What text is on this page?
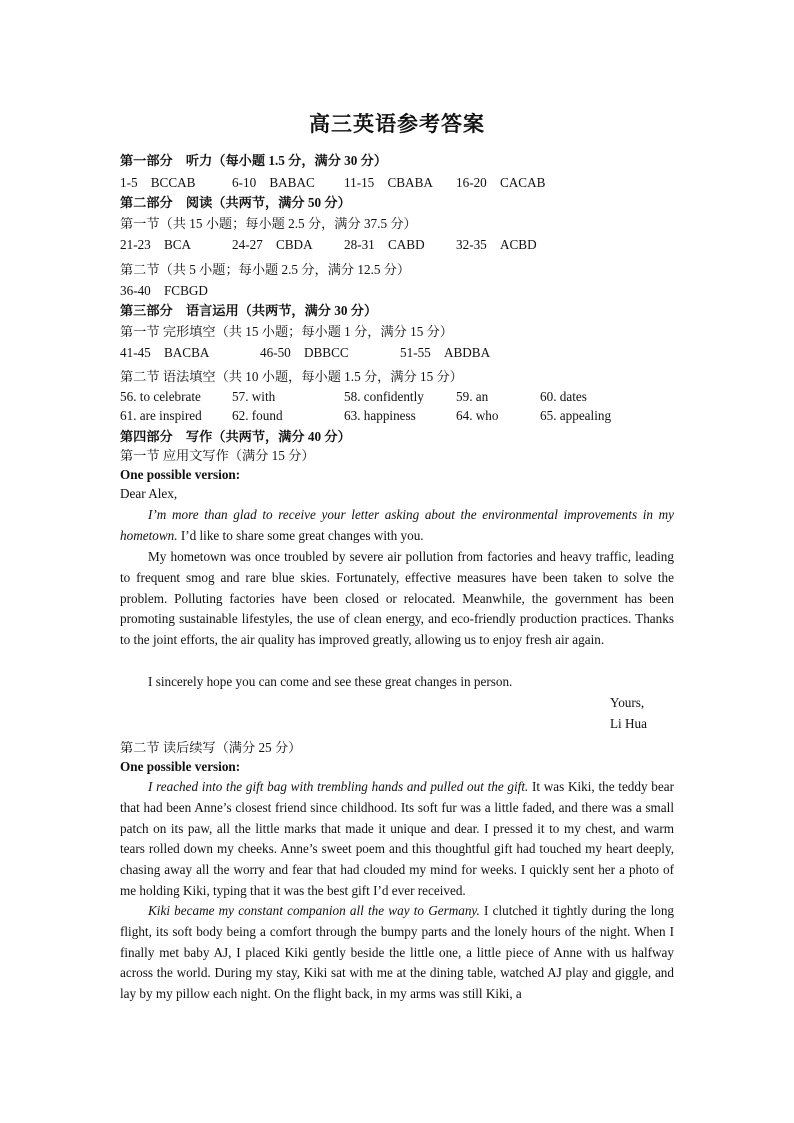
高三英语参考答案
第一部分　听力（每小题 1.5 分，满分 30 分）
1-5　BCCAB	6-10　BABAC 11-15　CBABA 16-20　CACAB
第二部分　阅读（共两节，满分 50 分）
第一节（共 15 小题；每小题 2.5 分，满分 37.5 分）
21-23　BCA	24-27　CBDA 28-31　CABD 32-35　ACBD
第二节（共 5 小题；每小题 2.5 分，满分 12.5 分）
36-40　FCBGD
第三部分　语言运用（共两节，满分 30 分）
第一节 完形填空（共 15 小题；每小题 1 分，满分 15 分）
41-45　BACBA	46-50　DBBCC	51-55　ABDBA
第二节 语法填空（共 10 小题，每小题 1.5 分，满分 15 分）
56. to celebrate 57. with	58. confidently 59. an	60. dates
61. are inspired 62. found	63. happiness	64. who	65. appealing
第四部分　写作（共两节，满分 40 分）
第一节 应用文写作（满分 15 分）
One possible version:
Dear Alex,
I’m more than glad to receive your letter asking about the environmental improvements in my hometown. I’d like to share some great changes with you.
My hometown was once troubled by severe air pollution from factories and heavy traffic, leading to frequent smog and rare blue skies. Fortunately, effective measures have been taken to solve the problem. Polluting factories have been closed or relocated. Meanwhile, the government has been promoting sustainable lifestyles, the use of clean energy, and eco-friendly production practices. Thanks to the joint efforts, the air quality has improved greatly, allowing us to enjoy fresh air again.
I sincerely hope you can come and see these great changes in person.
Yours,
Li Hua
第二节 读后续写（满分 25 分）
One possible version:
I reached into the gift bag with trembling hands and pulled out the gift. It was Kiki, the teddy bear that had been Anne’s closest friend since childhood. Its soft fur was a little faded, and there was a small patch on its paw, all the little marks that made it unique and dear. I pressed it to my chest, and warm tears rolled down my cheeks. Anne’s sweet poem and this thoughtful gift had touched my heart deeply, chasing away all the worry and fear that had clouded my mind for weeks. I quickly sent her a photo of me holding Kiki, typing that it was the best gift I’d ever received.
Kiki became my constant companion all the way to Germany. I clutched it tightly during the long flight, its soft body being a comfort through the bumpy parts and the lonely hours of the night. When I finally met baby AJ, I placed Kiki gently beside the little one, a little piece of Anne with us halfway across the world. During my stay, Kiki sat with me at the dining table, watched AJ play and giggle, and lay by my pillow each night. On the flight back, in my arms was still Kiki, a
